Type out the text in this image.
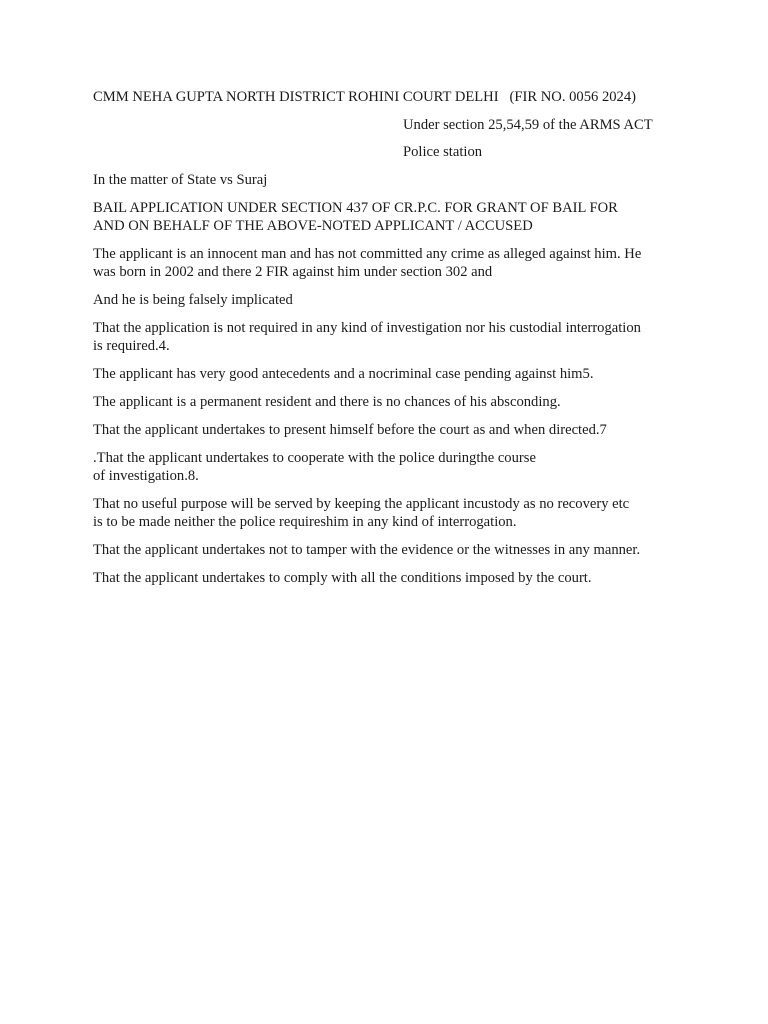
CMM NEHA GUPTA NORTH DISTRICT ROHINI COURT DELHI   (FIR NO. 0056 2024)
Under section 25,54,59 of the ARMS ACT
Police station
In the matter of State vs Suraj
BAIL APPLICATION UNDER SECTION 437 OF CR.P.C. FOR GRANT OF BAIL FOR
AND ON BEHALF OF THE ABOVE-NOTED APPLICANT / ACCUSED
The applicant is an innocent man and has not committed any crime as alleged against him. He
was born in 2002 and there 2 FIR against him under section 302 and
And he is being falsely implicated
That the application is not required in any kind of investigation nor his custodial interrogation
is required.4.
The applicant has very good antecedents and a nocriminal case pending against him5.
The applicant is a permanent resident and there is no chances of his absconding.
That the applicant undertakes to present himself before the court as and when directed.7
.That the applicant undertakes to cooperate with the police duringthe course
of investigation.8.
That no useful purpose will be served by keeping the applicant incustody as no recovery etc
is to be made neither the police requireshim in any kind of interrogation.
That the applicant undertakes not to tamper with the evidence or the witnesses in any manner.
That the applicant undertakes to comply with all the conditions imposed by the court.
